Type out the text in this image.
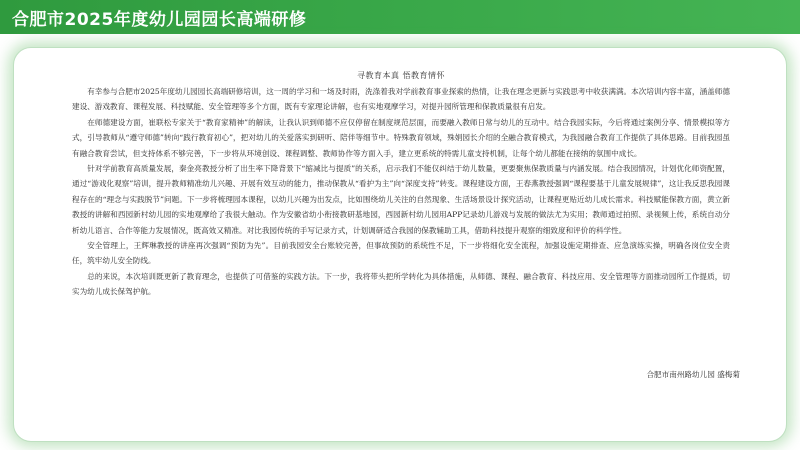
合肥市2025年度幼儿园园长高端研修
寻教育本真 悟教育情怀

有幸参与合肥市2025年度幼儿园园长高端研修培训，这一周的学习和一场及时雨，洗涤着我对学前教育事业探索的热情，让我在理念更新与实践思考中收获满满。本次培训内容丰富，涵盖师德建设、游戏教育、课程发展、科技赋能、安全管理等多个方面，既有专家理论讲解，也有实地观摩学习，对提升园所管理和保教质量很有启发。

在师德建设方面，崔联松专家关于“教育家精神”的解读，让我认识到师德不应仅停留在制度规范层面，而要融入教师日常与幼儿的互动中。结合我园实际，今后将通过案例分享、情景模拟等方式，引导教师从“遵守师德”转向“践行教育初心”，把对幼儿的关爱落实到研听、陪伴等细节中。特殊教育领域，殊娟园长介绍的全融合教育模式，为我园融合教育工作提供了具体思路。目前我园虽有融合教育尝试，但支持体系不够完善，下一步将从环境创设、课程调整、教师协作等方面入手，建立更系统的特需儿童支持机制，让每个幼儿都能在接纳的氛围中成长。

针对学前教育高质量发展，秦金亮教授分析了出生率下降背景下“缩减比与提质”的关系，启示我们不能仅纠结于幼儿数量，更要聚焦保教质量与内涵发展。结合我园情况，计划优化师资配置，通过“游戏化观察”培训，提升教师精准幼儿兴趣、开展有效互动的能力，推动保教从“看护为主”向“深度支持”转变。课程建设方面，王春燕教授强调“课程要基于儿童发展规律”，这让我反思我园课程存在的“理念与实践脱节”问题。下一步将梳理园本课程，以幼儿兴趣为出发点，比如围绕幼儿关注的自然现象、生活场景设计探究活动，让课程更贴近幼儿成长需求。科技赋能保教方面，黄立新教授的讲解和西园新村幼儿园的实地观摩给了我很大触动。作为安徽省幼小衔接教研基地园，西园新村幼儿园用APP记录幼儿游戏与发展的做法尤为实用；教师通过拍照、录视频上传，系统自动分析幼儿语言、合作等能力发展情况，既高效又精准。对比我园传统的手写记录方式，计划调研适合我园的保教辅助工具，借助科技提升观察的细致度和评价的科学性。

安全管理上，王辉琳教授的讲座再次强调“预防为先”。目前我园安全台账较完善，但事故预防的系统性不足，下一步将细化安全流程，加强设施定期排查、应急演练实操，明确各岗位安全责任，筑牢幼儿安全防线。

总的来说，本次培训既更新了教育理念，也提供了可借鉴的实践方法。下一步，我将带头把所学转化为具体措施，从师德、课程、融合教育、科技应用、安全管理等方面推动园所工作提质，切实为幼儿成长保驾护航。

合肥市南州路幼儿园 盛梅菊
